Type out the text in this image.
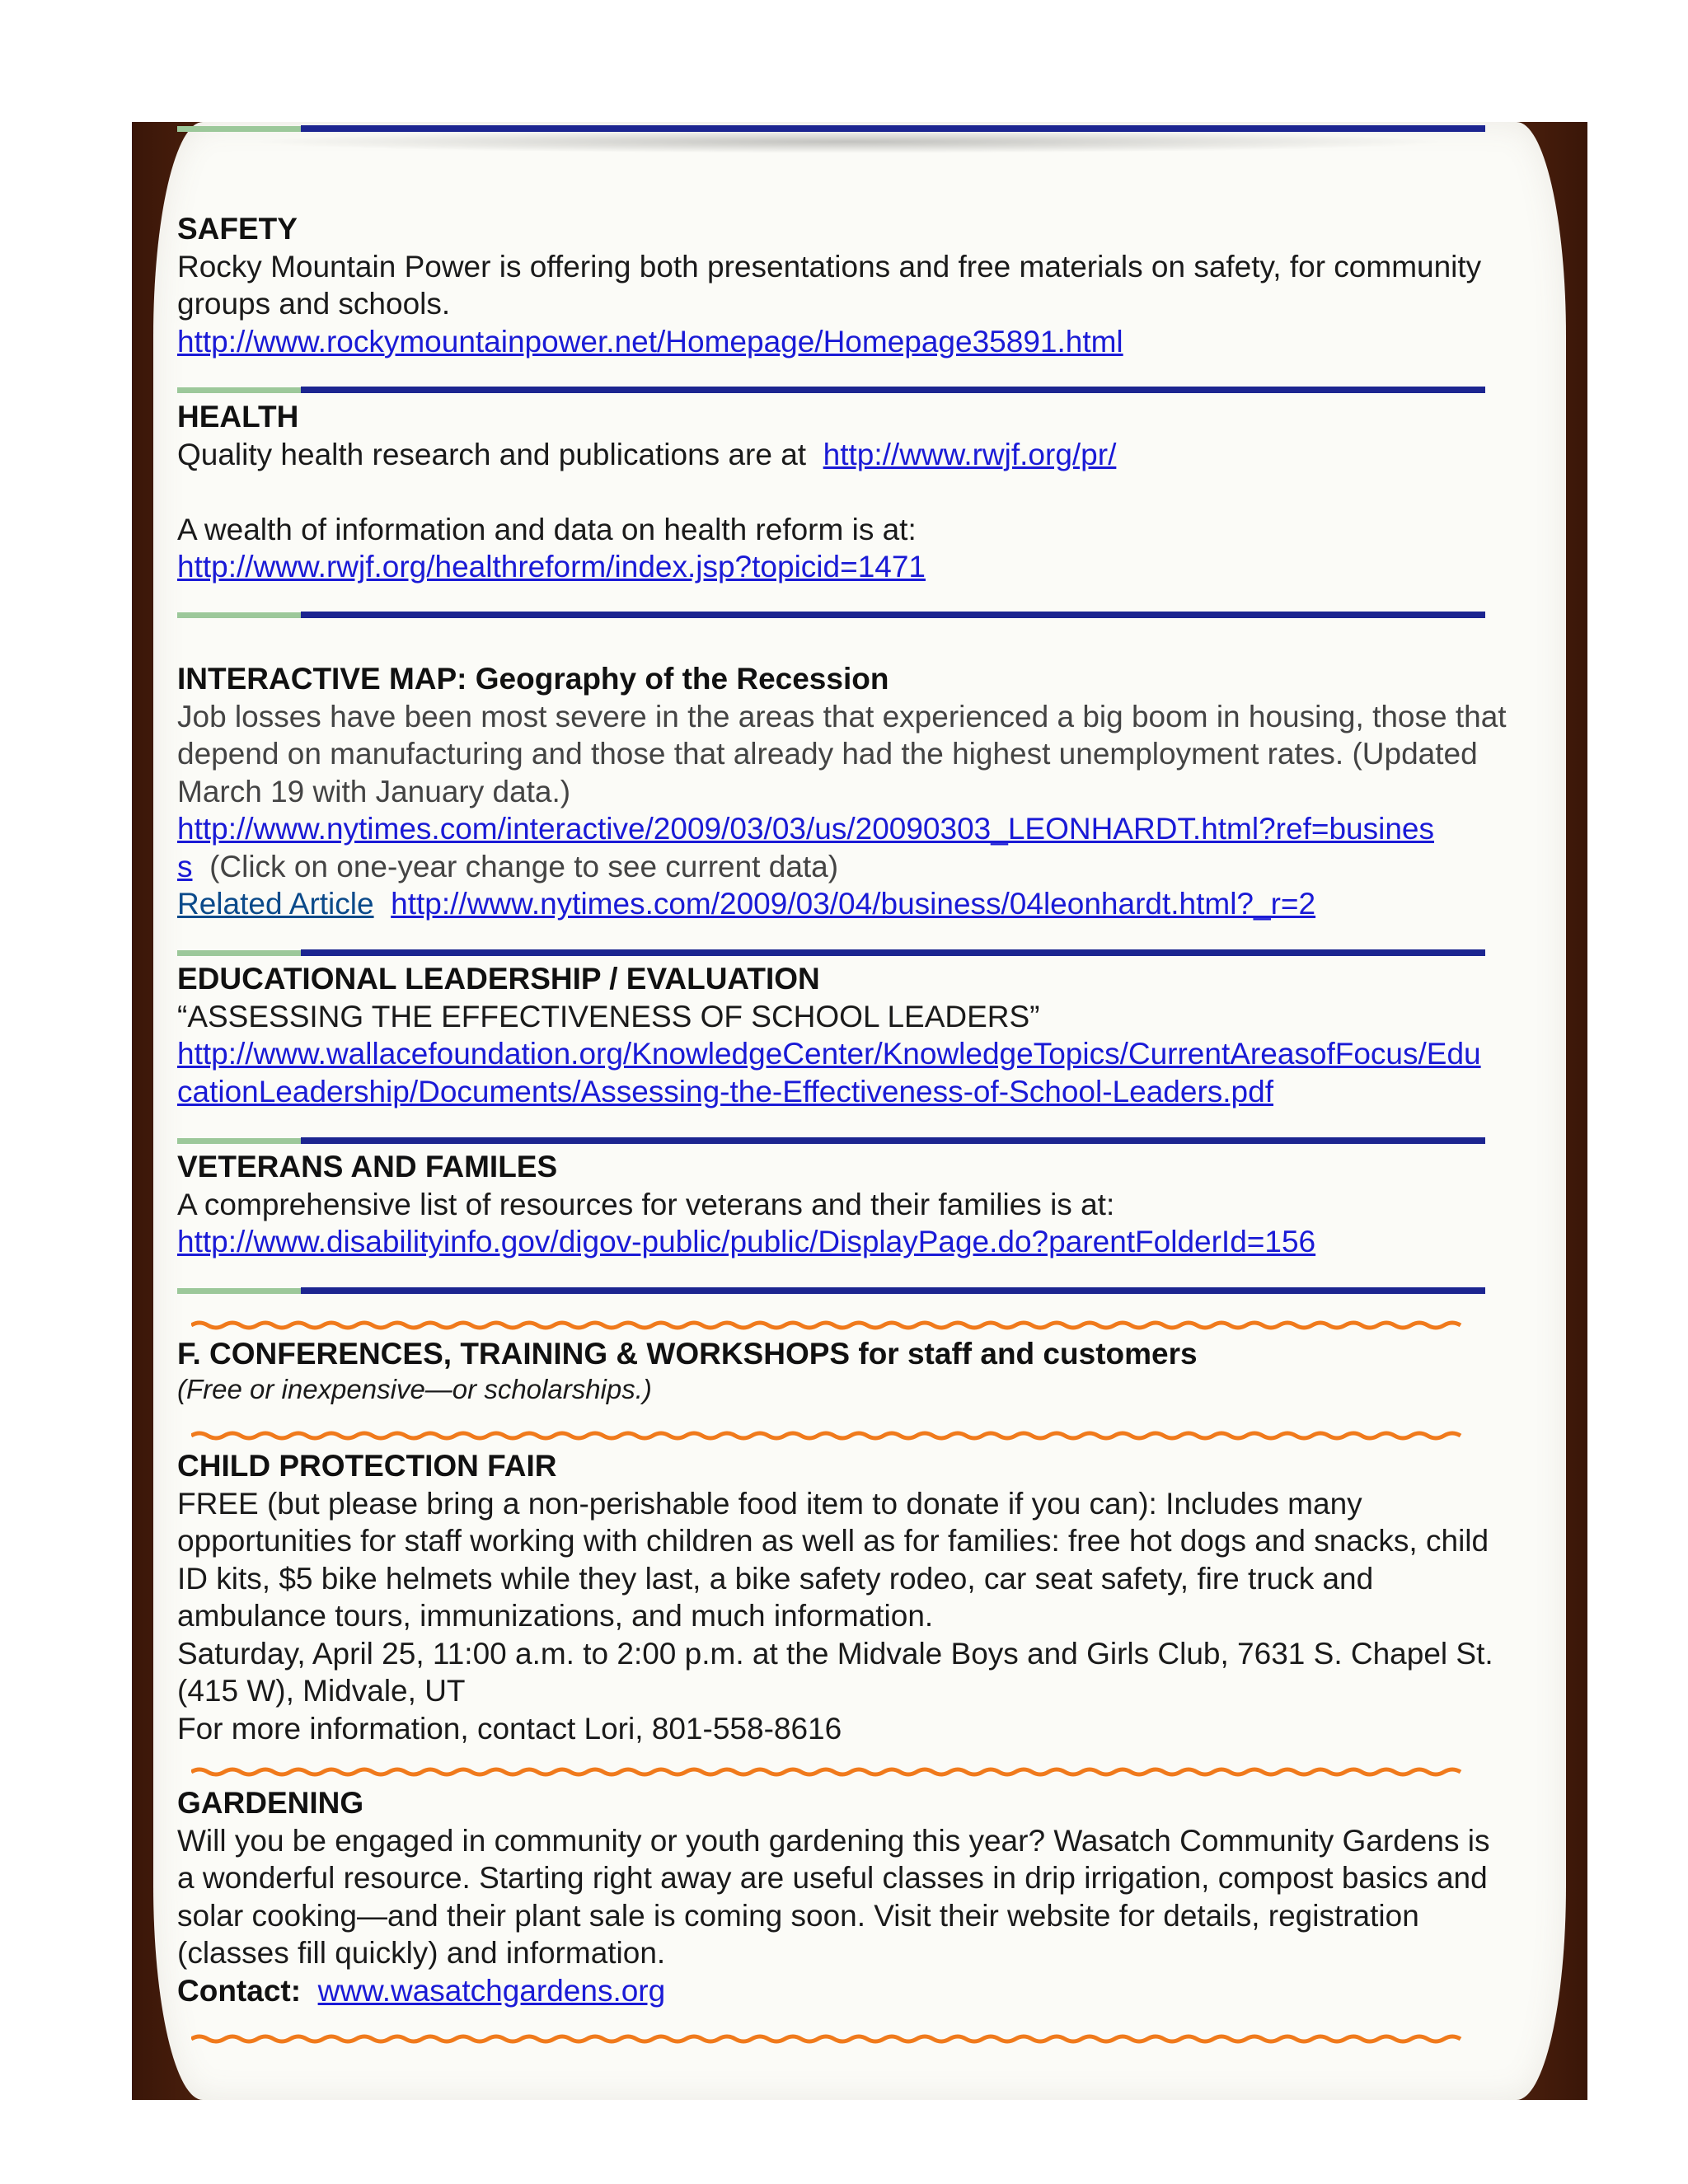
SAFETY

Rocky Mountain Power is offering both presentations and free materials on safety, for community groups and schools.

http://www.rockymountainpower.net/Homepage/Homepage35891.html

HEALTH

Quality health research and publications are at http://www.rwjf.org/pr/

A wealth of information and data on health reform is at:

http://www.rwjf.org/healthreform/index.jsp?topicid=1471

INTERACTIVE MAP: Geography of the Recession

Job losses have been most severe in the areas that experienced a big boom in housing, those that depend on manufacturing and those that already had the highest unemployment rates. (Updated March 19 with January data.)

http://www.nytimes.com/interactive/2009/03/03/us/20090303_LEONHARDT.html?ref=business (Click on one-year change to see current data)

Related Article http://www.nytimes.com/2009/03/04/business/04leonhardt.html?_r=2

EDUCATIONAL LEADERSHIP / EVALUATION

“ASSESSING THE EFFECTIVENESS OF SCHOOL LEADERS”

http://www.wallacefoundation.org/KnowledgeCenter/KnowledgeTopics/CurrentAreasofFocus/EducationLeadership/Documents/Assessing-the-Effectiveness-of-School-Leaders.pdf

VETERANS AND FAMILES

A comprehensive list of resources for veterans and their families is at:

http://www.disabilityinfo.gov/digov-public/public/DisplayPage.do?parentFolderId=156

F. CONFERENCES, TRAINING & WORKSHOPS for staff and customers

(Free or inexpensive—or scholarships.)

CHILD PROTECTION FAIR

FREE (but please bring a non-perishable food item to donate if you can): Includes many opportunities for staff working with children as well as for families: free hot dogs and snacks, child ID kits, $5 bike helmets while they last, a bike safety rodeo, car seat safety, fire truck and ambulance tours, immunizations, and much information.

Saturday, April 25, 11:00 a.m. to 2:00 p.m. at the Midvale Boys and Girls Club, 7631 S. Chapel St. (415 W), Midvale, UT

For more information, contact Lori, 801-558-8616

GARDENING

Will you be engaged in community or youth gardening this year? Wasatch Community Gardens is a wonderful resource. Starting right away are useful classes in drip irrigation, compost basics and solar cooking—and their plant sale is coming soon. Visit their website for details, registration (classes fill quickly) and information.

Contact: www.wasatchgardens.org
